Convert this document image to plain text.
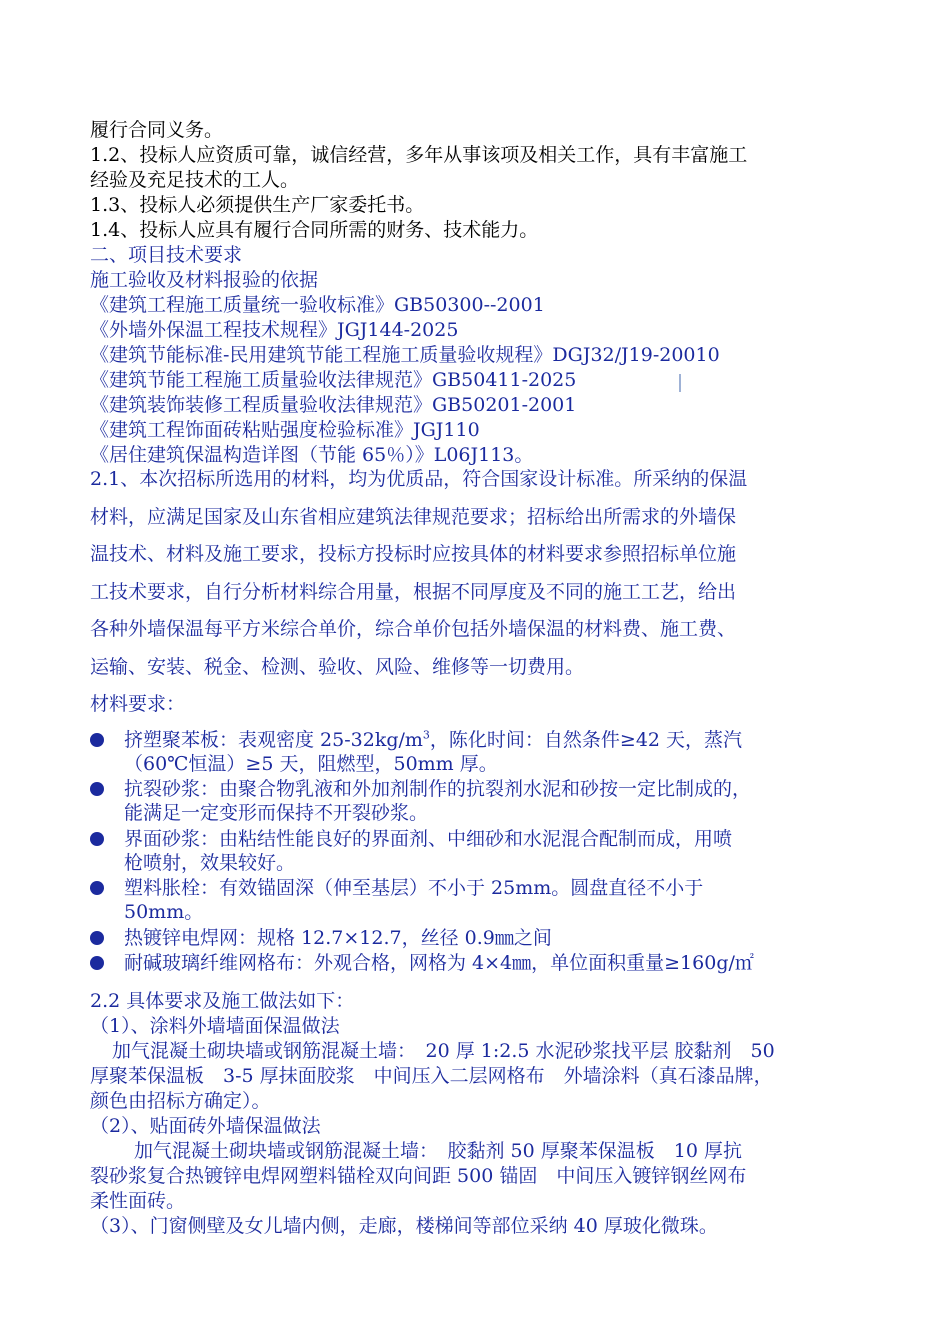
履行合同义务。
1.2、投标人应资质可靠，诚信经营，多年从事该项及相关工作，具有丰富施工
经验及充足技术的工人。
1.3、投标人必须提供生产厂家委托书。
1.4、投标人应具有履行合同所需的财务、技术能力。
二、项目技术要求
施工验收及材料报验的依据
《建筑工程施工质量统一验收标准》GB50300--2001
《外墙外保温工程技术规程》JGJ144-2025
《建筑节能标准-民用建筑节能工程施工质量验收规程》DGJ32/J19-20010
《建筑节能工程施工质量验收法律规范》GB50411-2025
《建筑装饰装修工程质量验收法律规范》GB50201-2001
《建筑工程饰面砖粘贴强度检验标准》JGJ110
《居住建筑保温构造详图（节能 65％）》L06J113。
2.1、本次招标所选用的材料，均为优质品，符合国家设计标准。所采纳的保温
材料，应满足国家及山东省相应建筑法律规范要求；招标给出所需求的外墙保
温技术、材料及施工要求，投标方投标时应按具体的材料要求参照招标单位施
工技术要求，自行分析材料综合用量，根据不同厚度及不同的施工工艺，给出
各种外墙保温每平方米综合单价，综合单价包括外墙保温的材料费、施工费、
运输、安装、税金、检测、验收、风险、维修等一切费用。
材料要求：
挤塑聚苯板：表观密度 $25-32kg/m^3$，陈化时间：自然条件≥42 天，蒸汽
（60℃恒温）≥5 天，阻燃型，50mm 厚。
抗裂砂浆：由聚合物乳液和外加剂制作的抗裂剂水泥和砂按一定比制成的，
能满足一定变形而保持不开裂砂浆。
界面砂浆：由粘结性能良好的界面剂、中细砂和水泥混合配制而成，用喷
枪喷射，效果较好。
塑料胀栓：有效锚固深（伸至基层）不小于 25mm。圆盘直径不小于
50mm。
热镀锌电焊网：规格 12.7×12.7，丝径 0.9㎜之间
耐碱玻璃纤维网格布：外观合格，网格为 4×4㎜，单位面积重量≥160g/㎡
2.2 具体要求及施工做法如下：
（1）、涂料外墙墙面保温做法
加气混凝土砌块墙或钢筋混凝土墙：　20 厚 1:2.5 水泥砂浆找平层 胶黏剂　50
厚聚苯保温板　3-5 厚抹面胶浆　中间压入二层网格布　外墙涂料（真石漆品牌，
颜色由招标方确定）。
（2）、贴面砖外墙保温做法
加气混凝土砌块墙或钢筋混凝土墙：　胶黏剂 50 厚聚苯保温板　10 厚抗
裂砂浆复合热镀锌电焊网塑料锚栓双向间距 500 锚固　中间压入镀锌钢丝网布
柔性面砖。
（3）、门窗侧壁及女儿墙内侧，走廊，楼梯间等部位采纳 40 厚玻化微珠。
